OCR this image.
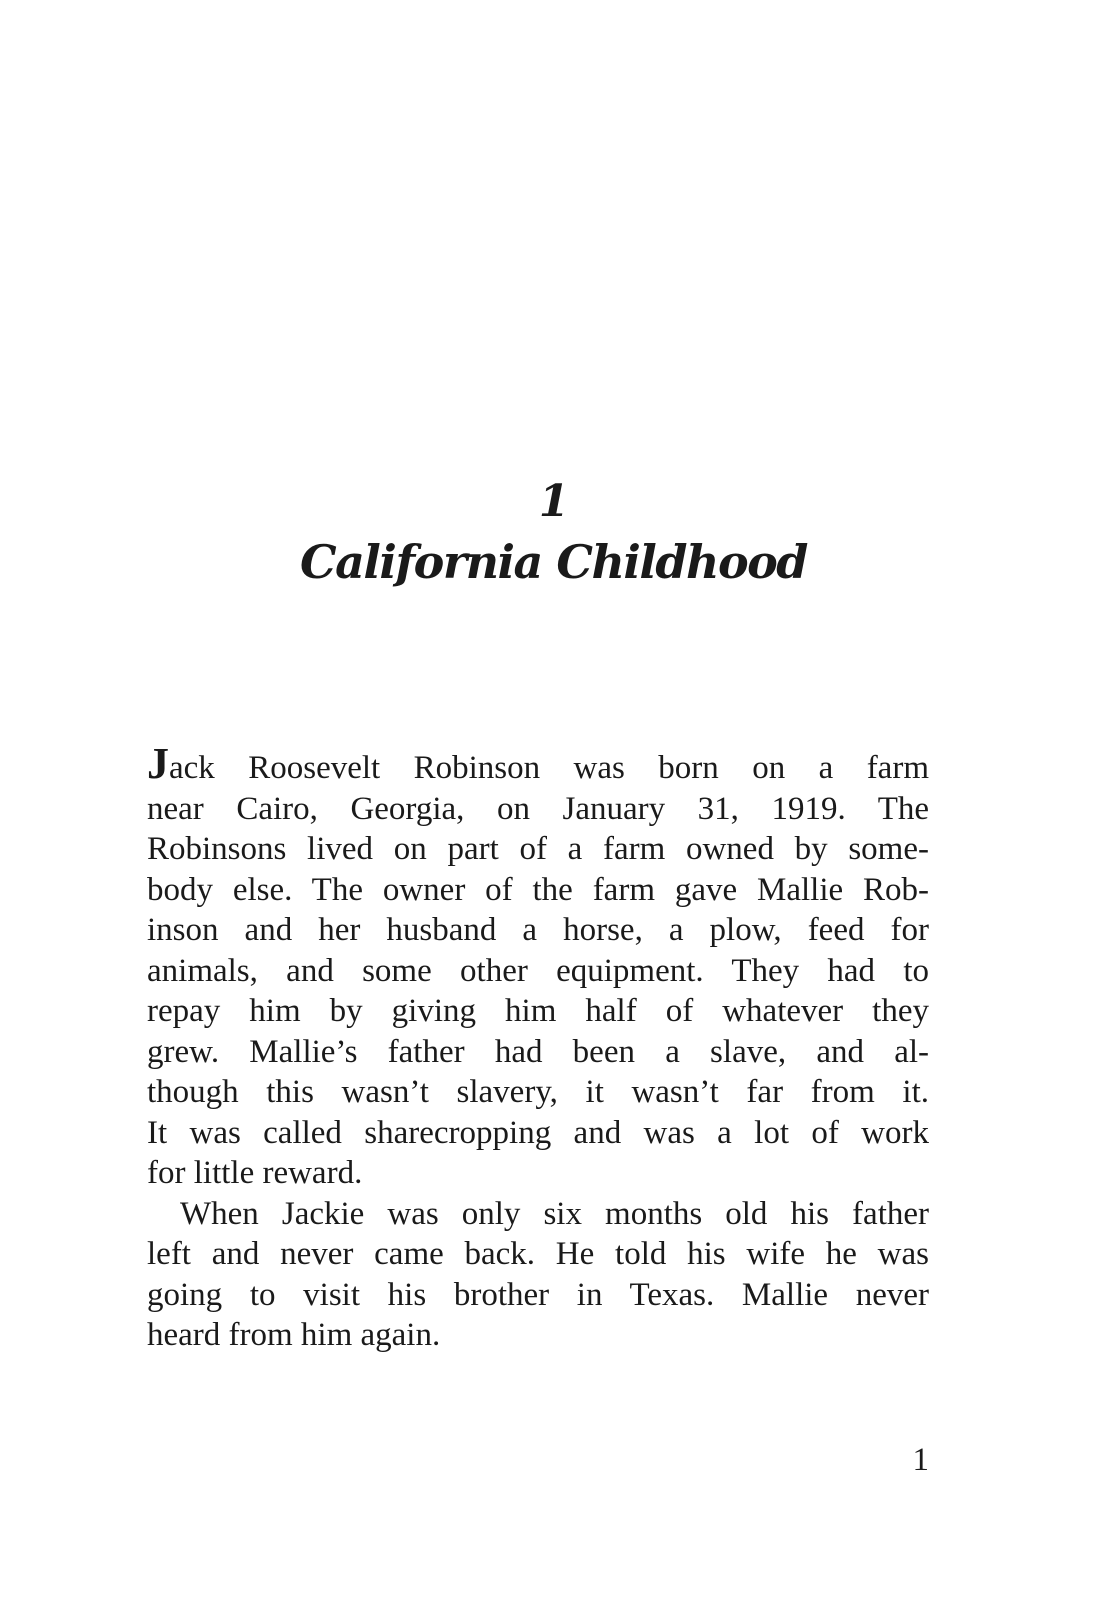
1
California Childhood
Jack Roosevelt Robinson was born on a farm
near Cairo, Georgia, on January 31, 1919. The
Robinsons lived on part of a farm owned by some-
body else. The owner of the farm gave Mallie Rob-
inson and her husband a horse, a plow, feed for
animals, and some other equipment. They had to
repay him by giving him half of whatever they
grew. Mallie’s father had been a slave, and al-
though this wasn’t slavery, it wasn’t far from it.
It was called sharecropping and was a lot of work
for little reward.
When Jackie was only six months old his father
left and never came back. He told his wife he was
going to visit his brother in Texas. Mallie never
heard from him again.
1
